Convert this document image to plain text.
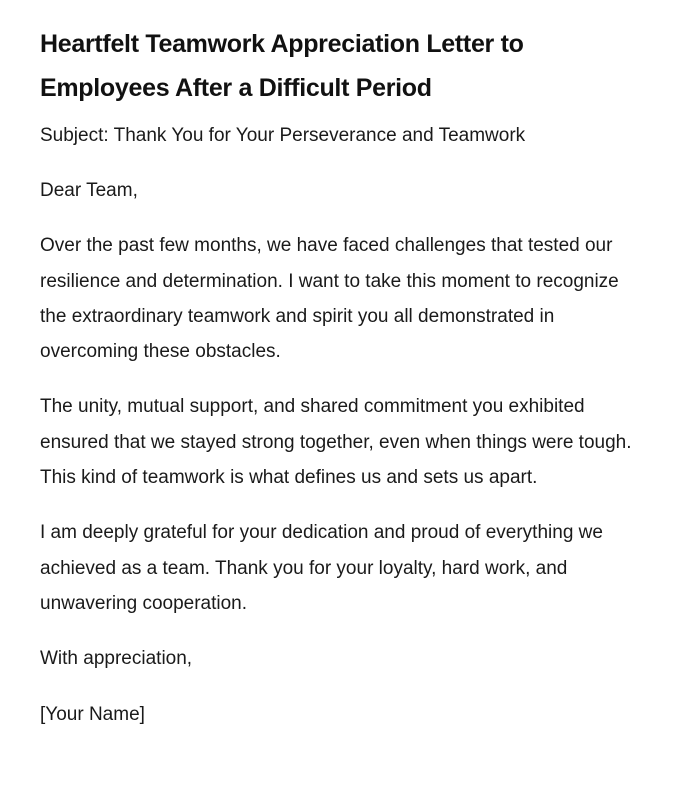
Heartfelt Teamwork Appreciation Letter to Employees After a Difficult Period

Subject: Thank You for Your Perseverance and Teamwork

Dear Team,

Over the past few months, we have faced challenges that tested our resilience and determination. I want to take this moment to recognize the extraordinary teamwork and spirit you all demonstrated in overcoming these obstacles.

The unity, mutual support, and shared commitment you exhibited ensured that we stayed strong together, even when things were tough. This kind of teamwork is what defines us and sets us apart.

I am deeply grateful for your dedication and proud of everything we achieved as a team. Thank you for your loyalty, hard work, and unwavering cooperation.

With appreciation,

[Your Name]
